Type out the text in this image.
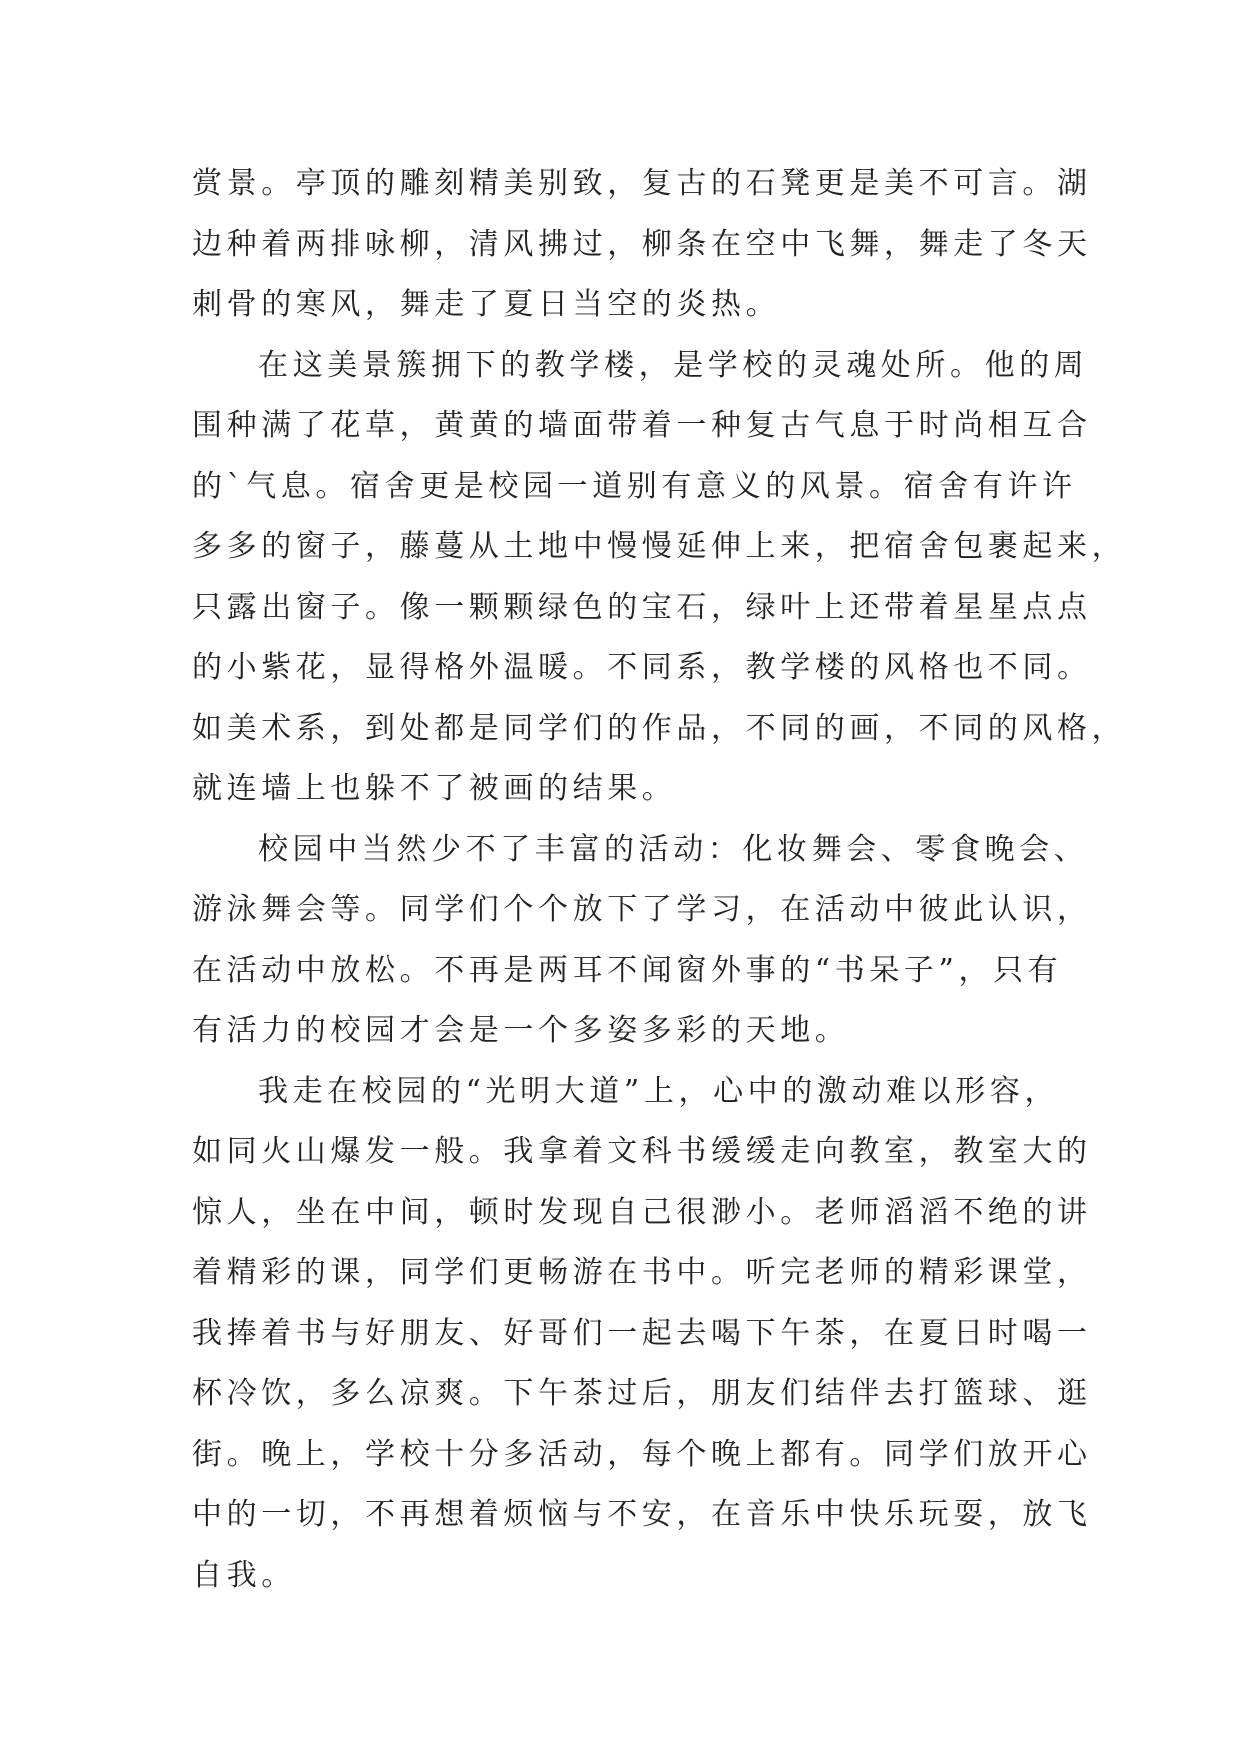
赏景。亭顶的雕刻精美别致，复古的石凳更是美不可言。湖
边种着两排咏柳，清风拂过，柳条在空中飞舞，舞走了冬天
刺骨的寒风，舞走了夏日当空的炎热。
在这美景簇拥下的教学楼，是学校的灵魂处所。他的周
围种满了花草，黄黄的墙面带着一种复古气息于时尚相互合
的`气息。宿舍更是校园一道别有意义的风景。宿舍有许许
多多的窗子，藤蔓从土地中慢慢延伸上来，把宿舍包裹起来，
只露出窗子。像一颗颗绿色的宝石，绿叶上还带着星星点点
的小紫花，显得格外温暖。不同系，教学楼的风格也不同。
如美术系，到处都是同学们的作品，不同的画，不同的风格，
就连墙上也躲不了被画的结果。
校园中当然少不了丰富的活动：化妆舞会、零食晚会、
游泳舞会等。同学们个个放下了学习，在活动中彼此认识，
在活动中放松。不再是两耳不闻窗外事的“书呆子”，只有
有活力的校园才会是一个多姿多彩的天地。
我走在校园的“光明大道”上，心中的激动难以形容，
如同火山爆发一般。我拿着文科书缓缓走向教室，教室大的
惊人，坐在中间，顿时发现自己很渺小。老师滔滔不绝的讲
着精彩的课，同学们更畅游在书中。听完老师的精彩课堂，
我捧着书与好朋友、好哥们一起去喝下午茶，在夏日时喝一
杯冷饮，多么凉爽。下午茶过后，朋友们结伴去打篮球、逛
街。晚上，学校十分多活动，每个晚上都有。同学们放开心
中的一切，不再想着烦恼与不安，在音乐中快乐玩耍，放飞
自我。
